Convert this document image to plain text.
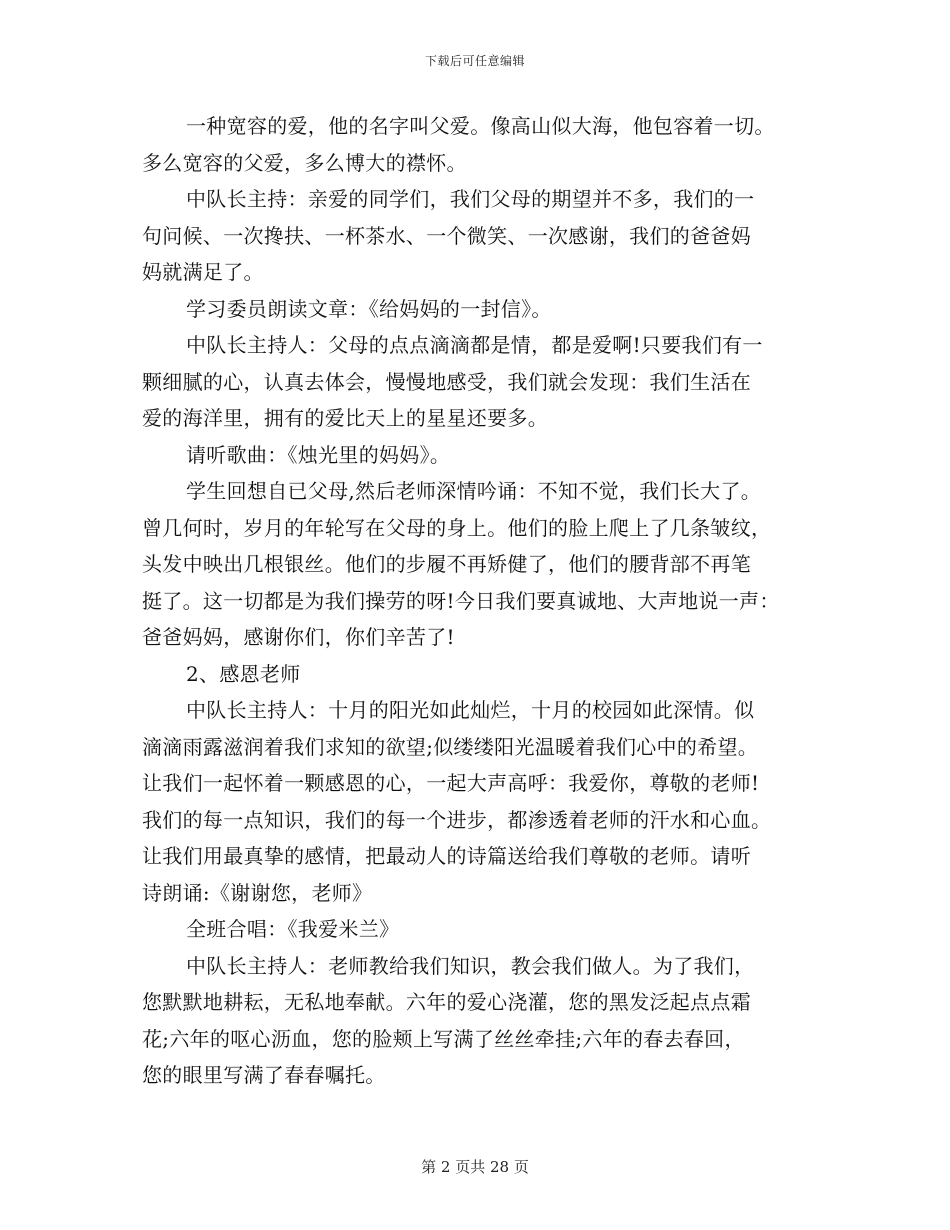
下载后可任意编辑
一种宽容的爱，他的名字叫父爱。像高山似大海，他包容着一切。
多么宽容的父爱，多么博大的襟怀。
中队长主持：亲爱的同学们，我们父母的期望并不多，我们的一
句问候、一次搀扶、一杯茶水、一个微笑、一次感谢，我们的爸爸妈
妈就满足了。
学习委员朗读文章：《给妈妈的一封信》。
中队长主持人：父母的点点滴滴都是情，都是爱啊!只要我们有一
颗细腻的心，认真去体会，慢慢地感受，我们就会发现：我们生活在
爱的海洋里，拥有的爱比天上的星星还要多。
请听歌曲：《烛光里的妈妈》。
学生回想自已父母,然后老师深情吟诵：不知不觉，我们长大了。
曾几何时，岁月的年轮写在父母的身上。他们的脸上爬上了几条皱纹，
头发中映出几根银丝。他们的步履不再矫健了，他们的腰背部不再笔
挺了。这一切都是为我们操劳的呀!今日我们要真诚地、大声地说一声：
爸爸妈妈，感谢你们，你们辛苦了!
2、感恩老师
中队长主持人：十月的阳光如此灿烂，十月的校园如此深情。似
滴滴雨露滋润着我们求知的欲望;似缕缕阳光温暖着我们心中的希望。
让我们一起怀着一颗感恩的心，一起大声高呼：我爱你，尊敬的老师!
我们的每一点知识，我们的每一个进步，都渗透着老师的汗水和心血。
让我们用最真挚的感情，把最动人的诗篇送给我们尊敬的老师。请听
诗朗诵:《谢谢您，老师》
全班合唱：《我爱米兰》
中队长主持人：老师教给我们知识，教会我们做人。为了我们，
您默默地耕耘，无私地奉献。六年的爱心浇灌，您的黑发泛起点点霜
花;六年的呕心沥血，您的脸颊上写满了丝丝牵挂;六年的春去春回，
您的眼里写满了春春嘱托。
第 2 页共 28 页
